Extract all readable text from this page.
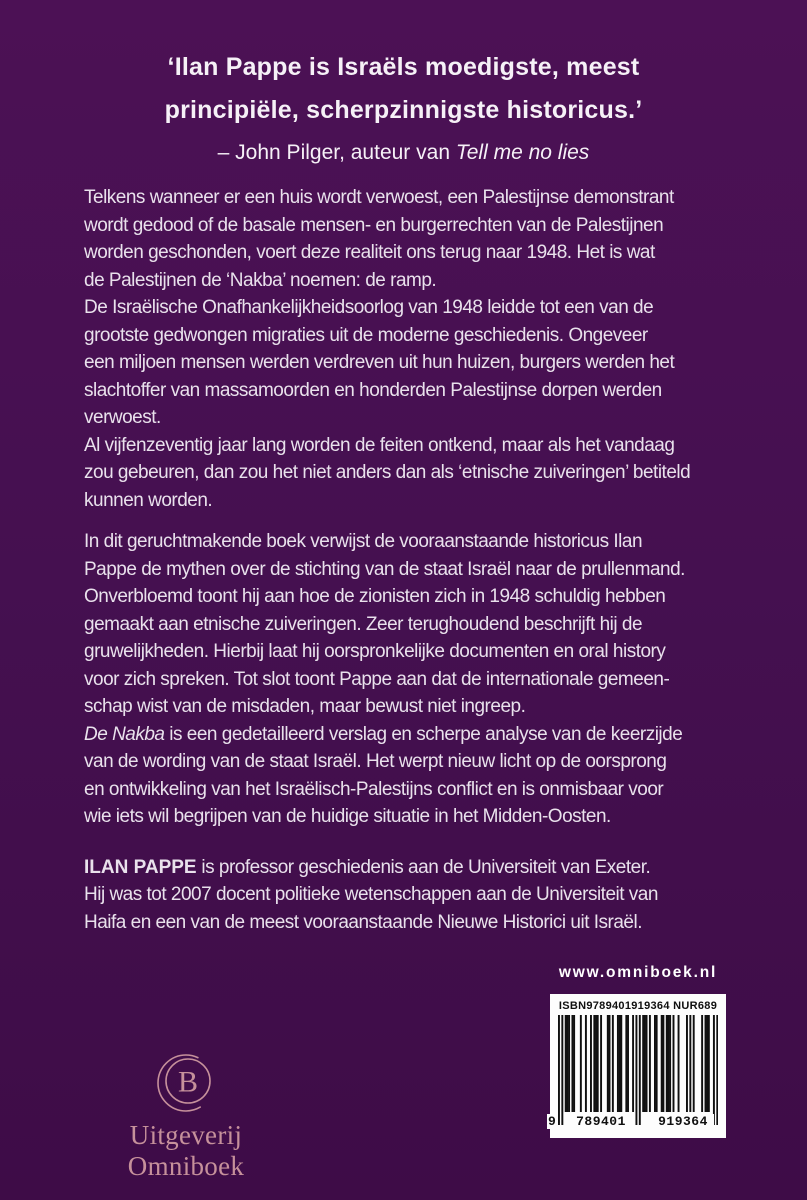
‘Ilan Pappe is Israëls moedigste, meest
principiële, scherpzinnigste historicus.’
– John Pilger, auteur van Tell me no lies
Telkens wanneer er een huis wordt verwoest, een Palestijnse demonstrant
wordt gedood of de basale mensen- en burgerrechten van de Palestijnen
worden geschonden, voert deze realiteit ons terug naar 1948. Het is wat
de Palestijnen de ‘Nakba’ noemen: de ramp.
De Israëlische Onafhankelijkheidsoorlog van 1948 leidde tot een van de
grootste gedwongen migraties uit de moderne geschiedenis. Ongeveer
een miljoen mensen werden verdreven uit hun huizen, burgers werden het
slachtoffer van massamoorden en honderden Palestijnse dorpen werden
verwoest.
Al vijfenzeventig jaar lang worden de feiten ontkend, maar als het vandaag
zou gebeuren, dan zou het niet anders dan als ‘etnische zuiveringen’ betiteld
kunnen worden.
In dit geruchtmakende boek verwijst de vooraanstaande historicus Ilan
Pappe de mythen over de stichting van de staat Israël naar de prullenmand.
Onverbloemd toont hij aan hoe de zionisten zich in 1948 schuldig hebben
gemaakt aan etnische zuiveringen. Zeer terughoudend beschrijft hij de
gruwelijkheden. Hierbij laat hij oorspronkelijke documenten en oral history
voor zich spreken. Tot slot toont Pappe aan dat de internationale gemeen-
schap wist van de misdaden, maar bewust niet ingreep.
De Nakba is een gedetailleerd verslag en scherpe analyse van de keerzijde
van de wording van de staat Israël. Het werpt nieuw licht op de oorsprong
en ontwikkeling van het Israëlisch-Palestijns conflict en is onmisbaar voor
wie iets wil begrijpen van de huidige situatie in het Midden-Oosten.
ILAN PAPPE is professor geschiedenis aan de Universiteit van Exeter.
Hij was tot 2007 docent politieke wetenschappen aan de Universiteit van
Haifa en een van de meest vooraanstaande Nieuwe Historici uit Israël.
www.omniboek.nl
ISBN9789401919364 NUR689
9	789401	919364
B
Uitgeverij Omniboek
